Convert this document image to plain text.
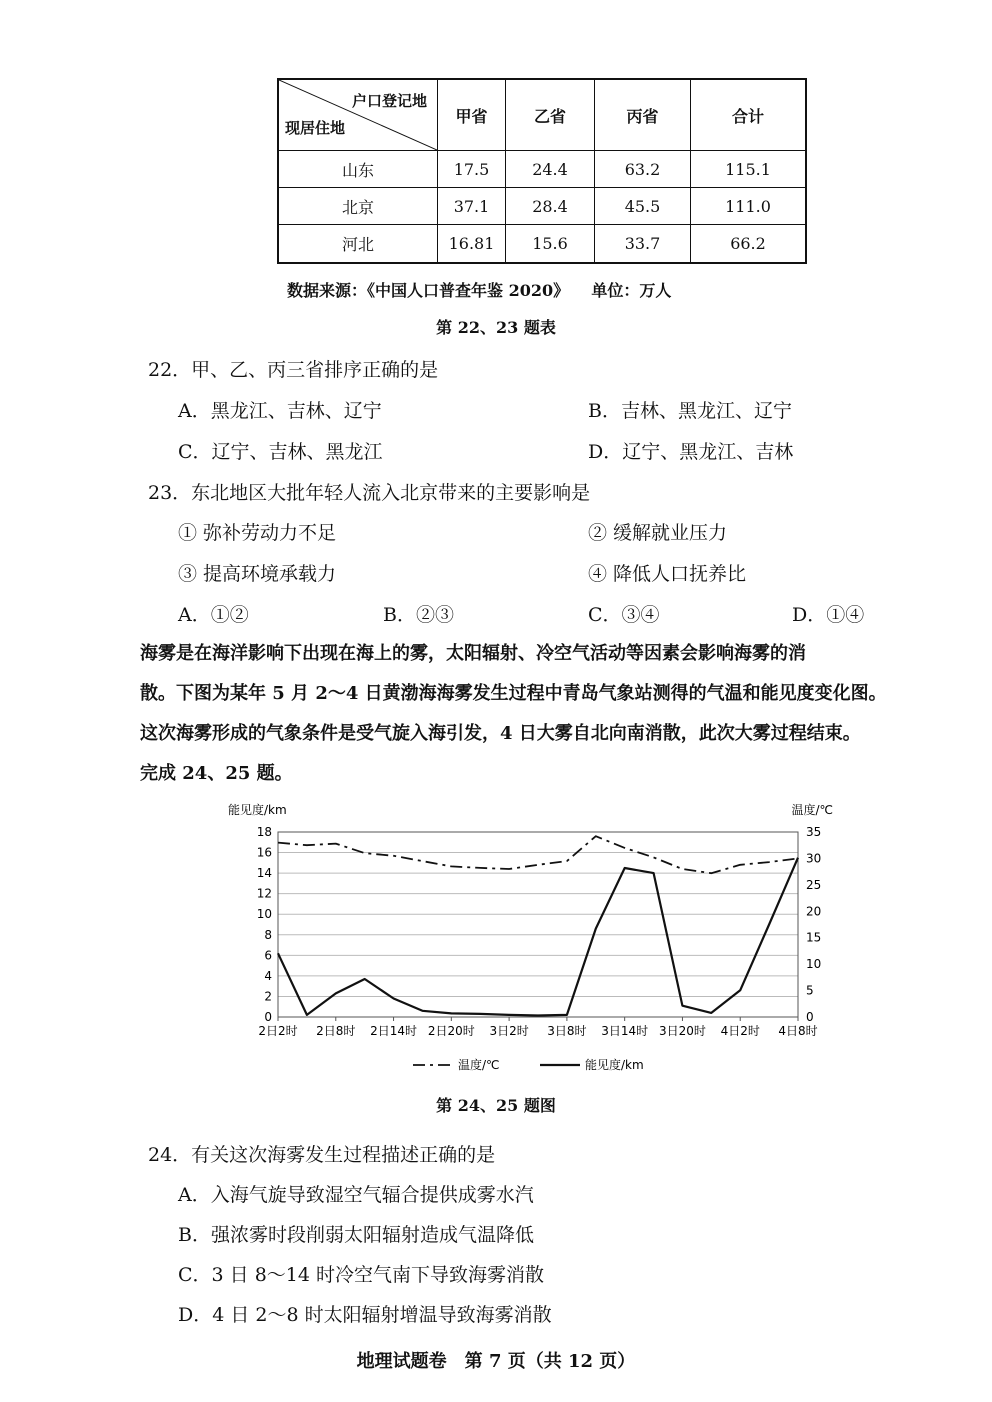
户口登记地
现居住地	甲省	乙省	丙省	合计
山东	17.5	24.4	63.2	115.1
北京	37.1	28.4	45.5	111.0
河北	16.81	15.6	33.7	66.2
数据来源：《中国人口普查年鉴 2020》    单位：万人
第 22、23 题表
22．甲、乙、丙三省排序正确的是
A．黑龙江、吉林、辽宁	B．吉林、黑龙江、辽宁
C．辽宁、吉林、黑龙江	D．辽宁、黑龙江、吉林
23．东北地区大批年轻人流入北京带来的主要影响是
① 弥补劳动力不足	② 缓解就业压力
③ 提高环境承载力	④ 降低人口抚养比
A．①②	B．②③	C．③④	D．①④
海雾是在海洋影响下出现在海上的雾，太阳辐射、冷空气活动等因素会影响海雾的消
散。下图为某年 5 月 2～4 日黄渤海海雾发生过程中青岛气象站测得的气温和能见度变化图。
这次海雾形成的气象条件是受气旋入海引发，4 日大雾自北向南消散，此次大雾过程结束。
完成 24、25 题。
0
2
4
6
8
10
12
14
16
18
0
5
10
15
20
25
30
35
能见度/km	温度/℃
2日2时 2日8时 2日14时 2日20时 3日2时 3日8时 3日14时 3日20时 4日2时 4日8时
温度/℃	能见度/km
第 24、25 题图
24．有关这次海雾发生过程描述正确的是
A．入海气旋导致湿空气辐合提供成雾水汽
B．强浓雾时段削弱太阳辐射造成气温降低
C．3 日 8～14 时冷空气南下导致海雾消散
D．4 日 2～8 时太阳辐射增温导致海雾消散
地理试题卷　第 7 页（共 12 页）
